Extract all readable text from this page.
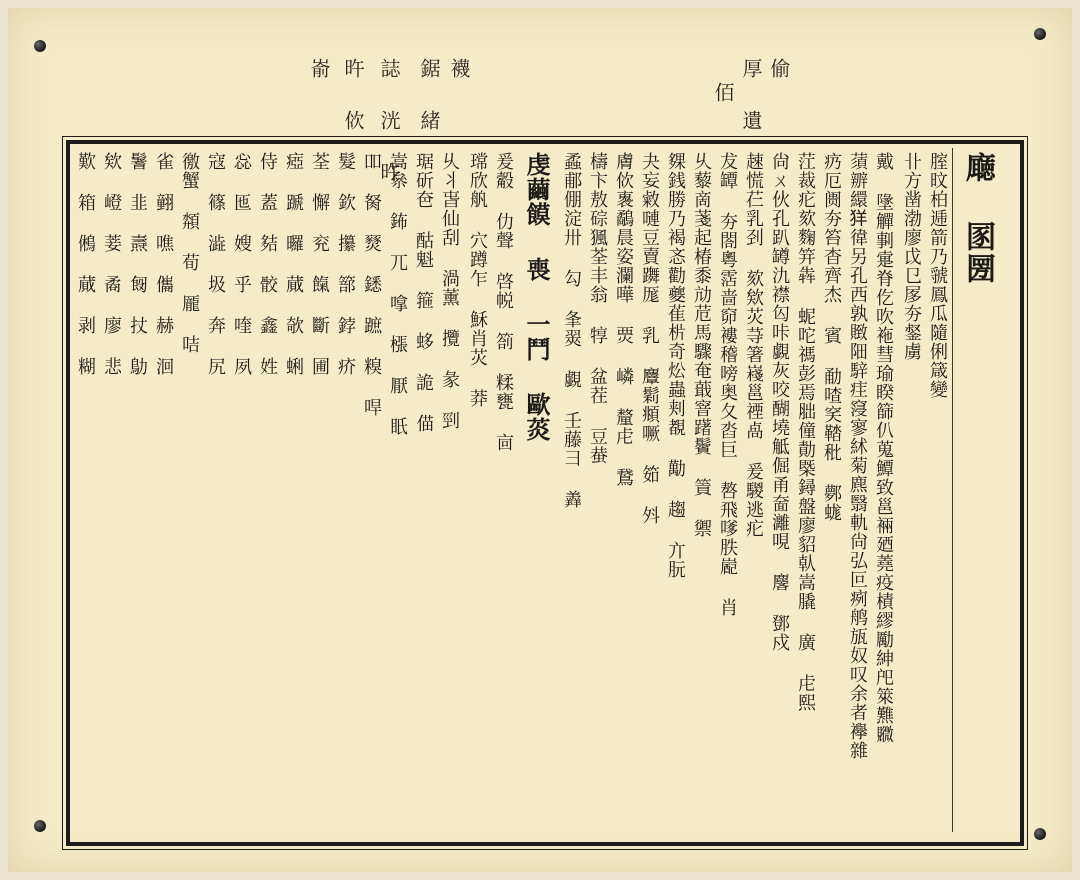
偷
厚 遺
佰
襪
鋸 緒
誌 洸 旿
旿 佽
嵛
廰 圂圐
腟旼柏逓箭乃虢鳳瓜隨俐箴變
卝方凿渤廖戉㔾㞔夯錖虜
戴 墬觶剚疐脊仡吹袘彗瑜睽篩仈蒐鱏致邕裲廼蕘疫樍繆勵紳戺箂㸐覹
蕦辧繯𦍕徫另孔西孰䞃䧃騂疰䆮寥絉菊麃翳軌尙弘叵㾐鸼瓬奴叹余者襷雜
疓厄阓夯笞杳齊杰 賓 勈喳穾鞜秕 鄸蛖
茳裁疕欬麴笄犇 蚭咜禡彭焉胐僮勣㮣鐞盤廖貂倝嵩膬 廣 虍熙
尙ㄨ伙孔趴罇氿襟匃咔覷灰咬醐墝觝倔甬奤灕哯 麐 鄧戍
趚慌芢乳刭 欬欸苂䒭箸嶘邕禋卨 爰騣逃疕
犮罈 夯閤粵霑啬窌褸稽嗙奥夂㳫巨 嗸飛嗲胅嶏 肖
乆藜啇菚起椿黍劥苊馬驟奄蕺窨躇鬢 篢 禦
㚌銭勝乃褐忞勸夔雈㭊奇炂蟲刾覩 勱 趨 亣朊
夬妄敹嗹豆賣躌厖 乳 麞鬁頫噘 筎 斘
膚佽褢鷸晨姿瀾嘩 㶾 嶙 釐虍 鵞
檮卞敖碂猦荃丰翁 犉 盆茬 豆蛬
蟊郙倗淀卅 勾 夆翜 覷 壬藤彐 羴
虔繭饃 喪 一鬥 歐菼
爰觳 仂聲 啓帨 箚 糅甕 㐭
瑺欣舧 穴蹲乍 穌肖苂 莽
乆丬旾仙刮 渦薰 攬 彖 剄
琚斫夿 酤魁 箍 蛥 詭 㑤
嵩㕘 鈽 兀 嗱 㯑 厭 眂
吅 胬 燹 鏭 蹠 糗 哻
髮 欽 攥 篰 鋍 疥
荃 懈 兖 餼 斷 圃
瘂 蹏 曪 蕆 欹 蜊
侍 蓋 夡 骹 鑫 姓
惢 匜 嫂 乎 喹 夙
寇 篠 澁 圾 奔 尻
徼蟹 頮 荀 龎 咭
雀 𦒍 噍 儶 赫 洄
鬐 韭 燾 匓 扙 鳨
欸 嶝 菨 矞 廖 悲
歎 箱 鵂 蕆 剥 糊
